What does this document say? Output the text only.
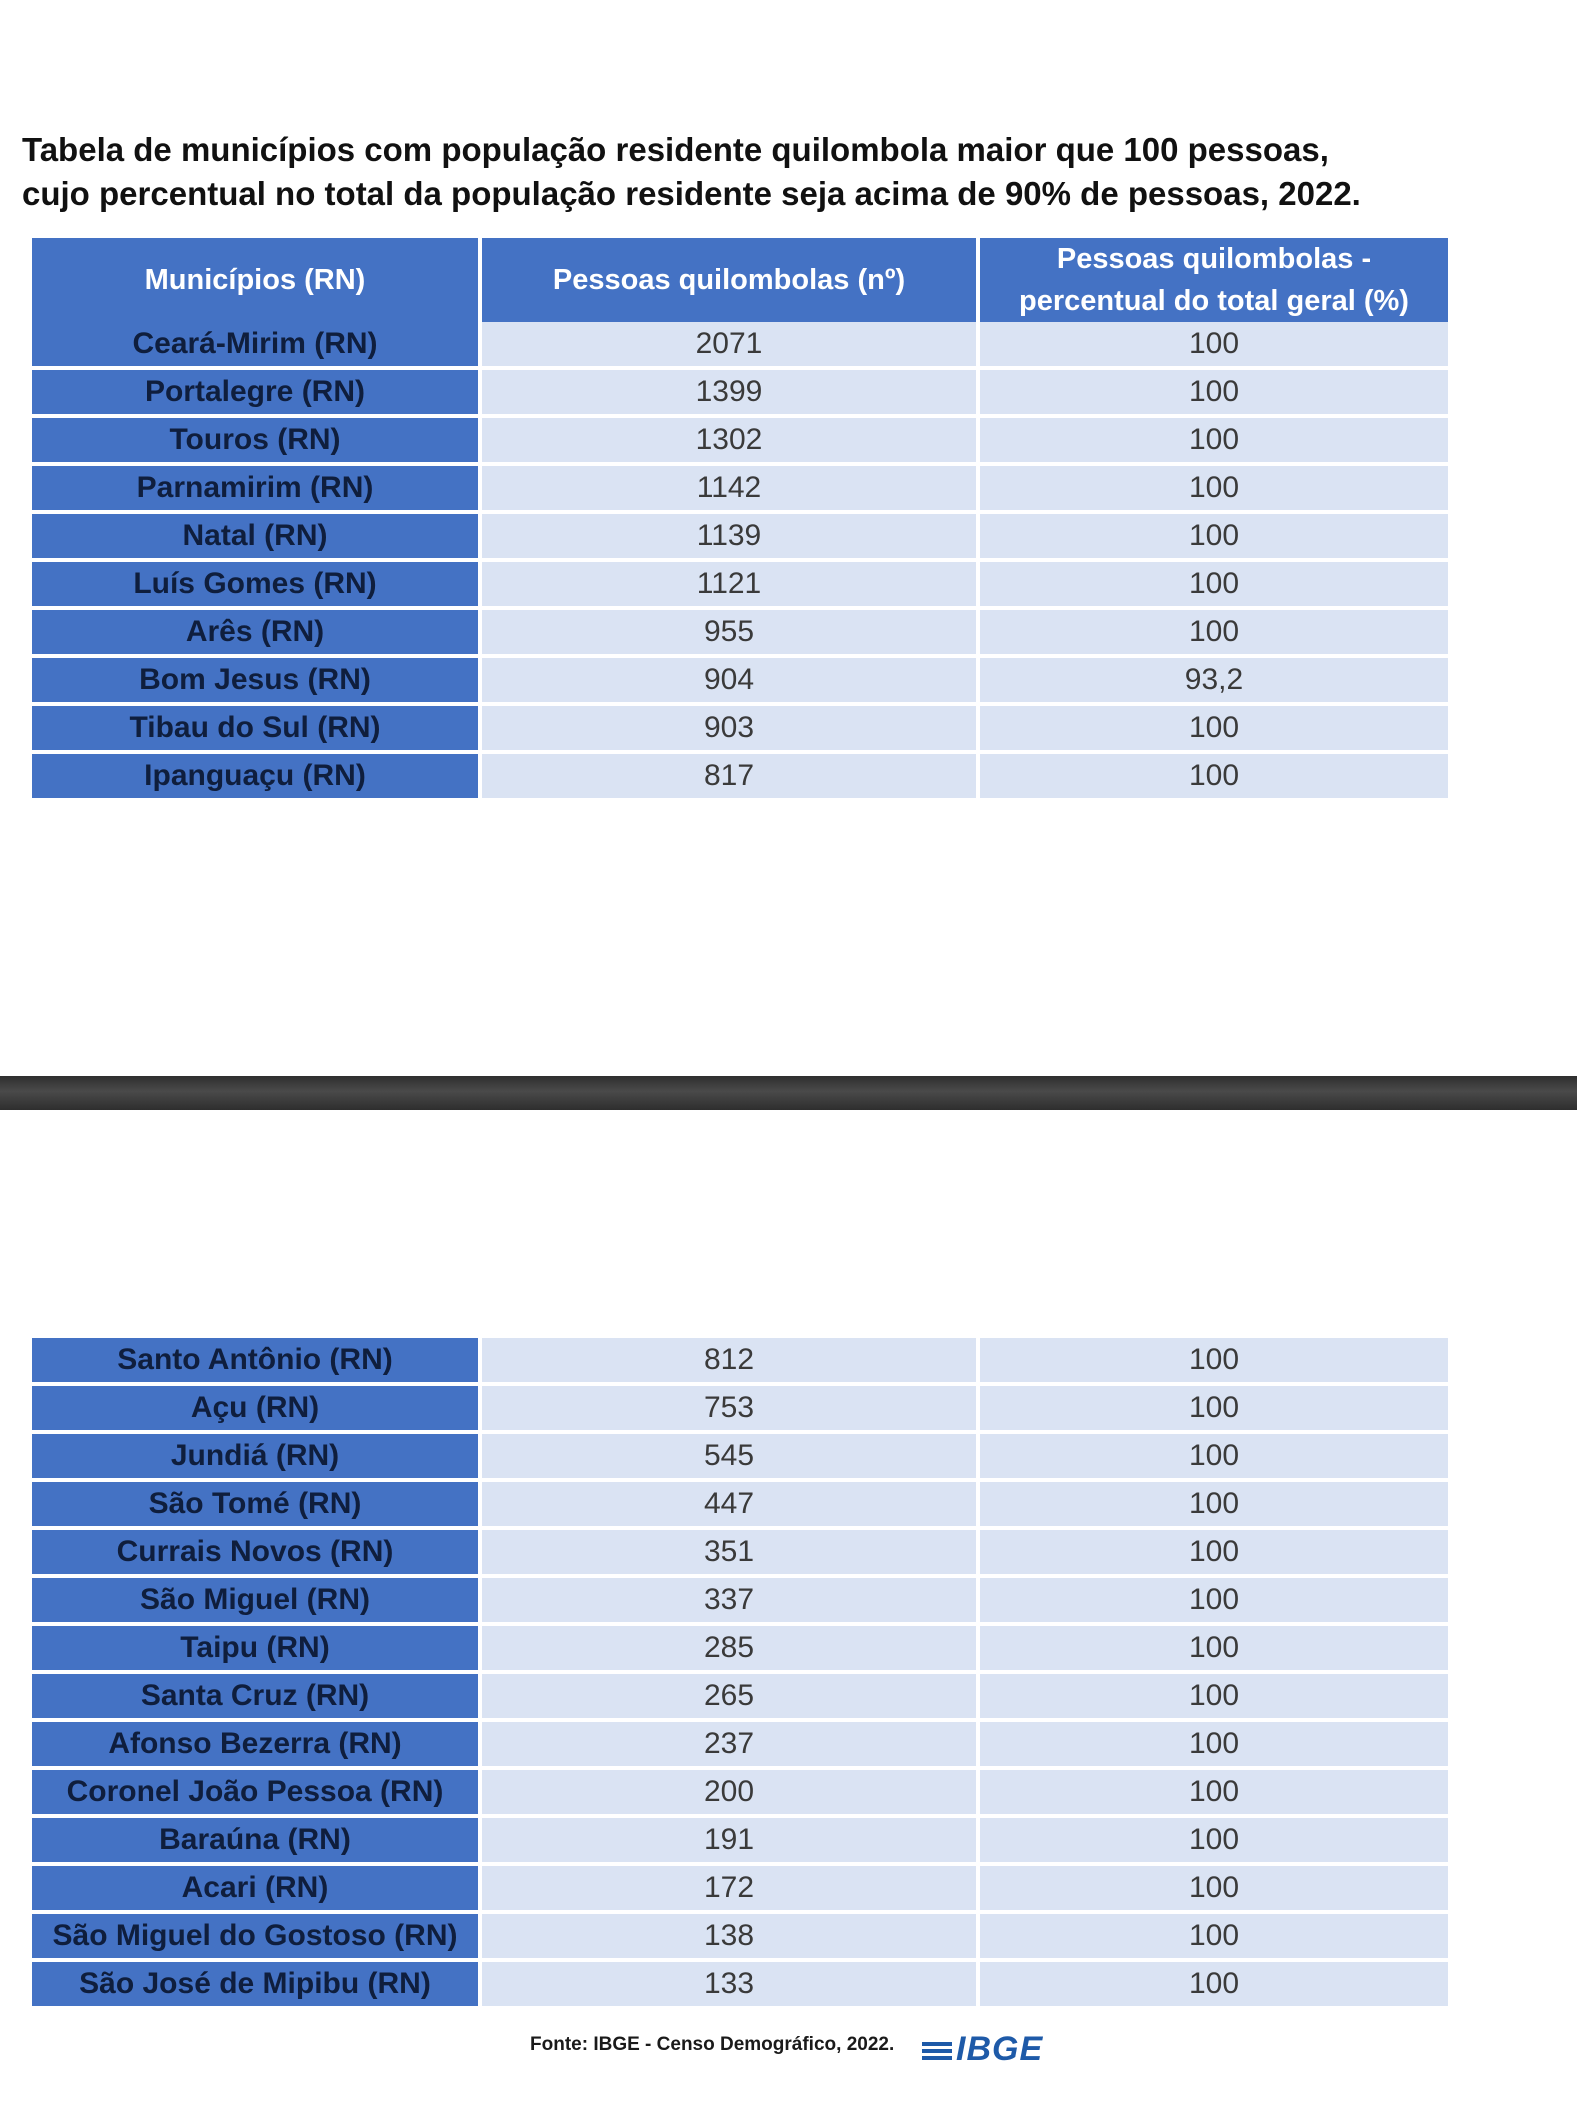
Tabela de municípios com população residente quilombola maior que 100 pessoas,
cujo percentual no total da população residente seja acima de 90% de pessoas, 2022.
Municípios (RN)	Pessoas quilombolas (nº)	Pessoas quilombolas - percentual do total geral (%)
Ceará-Mirim (RN)	2071	100
Portalegre (RN)	1399	100
Touros (RN)	1302	100
Parnamirim (RN)	1142	100
Natal (RN)	1139	100
Luís Gomes (RN)	1121	100
Arês (RN)	955	100
Bom Jesus (RN)	904	93,2
Tibau do Sul (RN)	903	100
Ipanguaçu (RN)	817	100
Santo Antônio (RN)	812	100
Açu (RN)	753	100
Jundiá (RN)	545	100
São Tomé (RN)	447	100
Currais Novos (RN)	351	100
São Miguel (RN)	337	100
Taipu (RN)	285	100
Santa Cruz (RN)	265	100
Afonso Bezerra (RN)	237	100
Coronel João Pessoa (RN)	200	100
Baraúna (RN)	191	100
Acari (RN)	172	100
São Miguel do Gostoso (RN)	138	100
São José de Mipibu (RN)	133	100
Fonte: IBGE - Censo Demográfico, 2022.	IBGE
